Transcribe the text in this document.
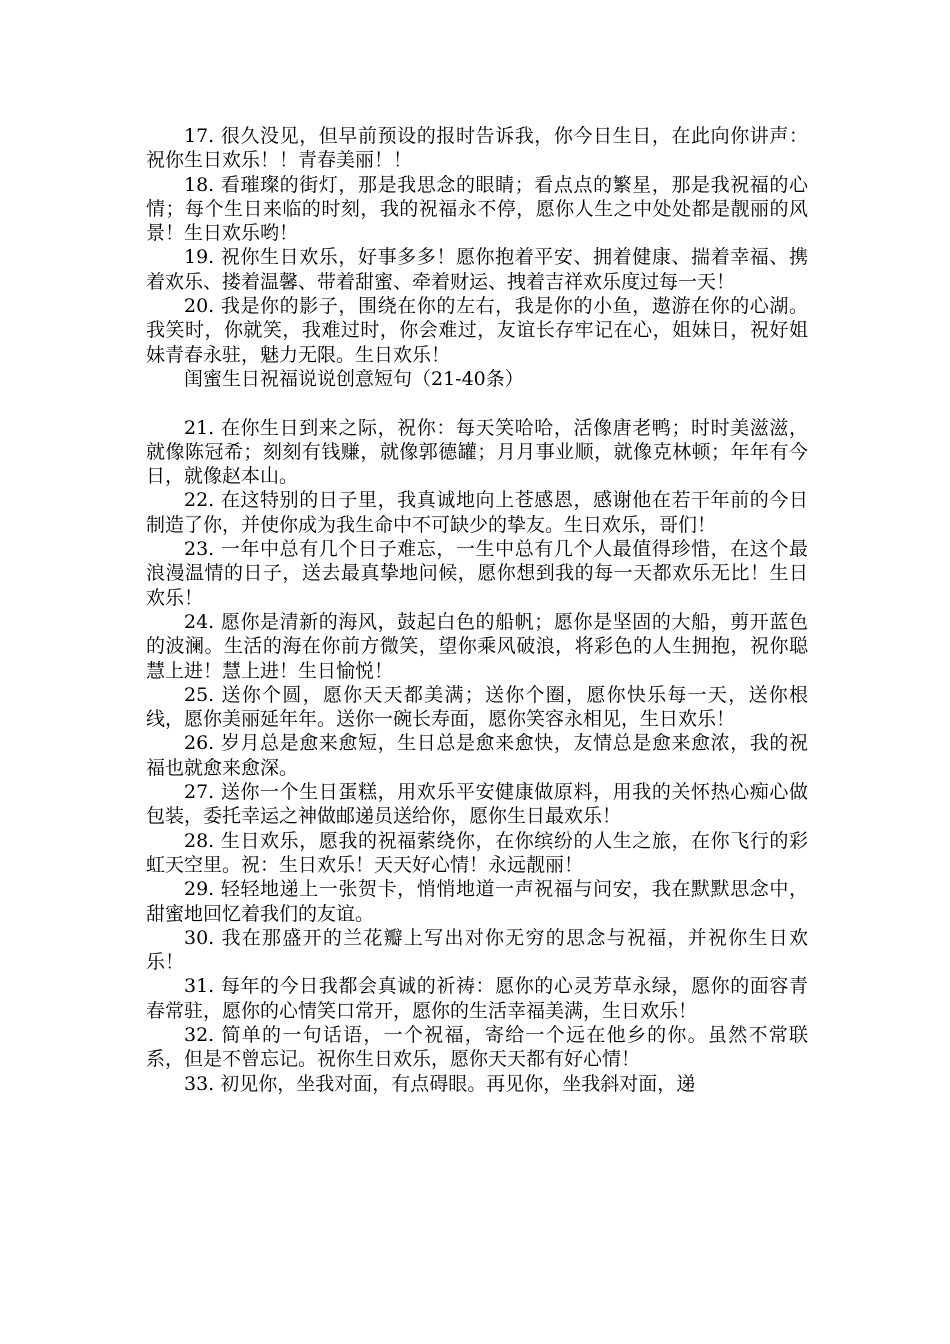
17. 很久没见，但早前预设的报时告诉我，你今日生日，在此向你讲声：祝你生日欢乐！！青春美丽！！

18. 看璀璨的街灯，那是我思念的眼睛；看点点的繁星，那是我祝福的心情；每个生日来临的时刻，我的祝福永不停，愿你人生之中处处都是靓丽的风景！生日欢乐哟！

19. 祝你生日欢乐，好事多多！愿你抱着平安、拥着健康、揣着幸福、携着欢乐、搂着温馨、带着甜蜜、牵着财运、拽着吉祥欢乐度过每一天！

20. 我是你的影子，围绕在你的左右，我是你的小鱼，遨游在你的心湖。我笑时，你就笑，我难过时，你会难过，友谊长存牢记在心，姐妹日，祝好姐妹青春永驻，魅力无限。生日欢乐！

闺蜜生日祝福说说创意短句（21-40条）

21. 在你生日到来之际，祝你：每天笑哈哈，活像唐老鸭；时时美滋滋，就像陈冠希；刻刻有钱赚，就像郭德罐；月月事业顺，就像克林顿；年年有今日，就像赵本山。

22. 在这特别的日子里，我真诚地向上苍感恩，感谢他在若干年前的今日制造了你，并使你成为我生命中不可缺少的挚友。生日欢乐，哥们！

23. 一年中总有几个日子难忘，一生中总有几个人最值得珍惜，在这个最浪漫温情的日子，送去最真挚地问候，愿你想到我的每一天都欢乐无比！生日欢乐！

24. 愿你是清新的海风，鼓起白色的船帆；愿你是坚固的大船，剪开蓝色的波澜。生活的海在你前方微笑，望你乘风破浪，将彩色的人生拥抱，祝你聪慧上进！慧上进！生日愉悦！

25. 送你个圆，愿你天天都美满；送你个圈，愿你快乐每一天，送你根线，愿你美丽延年年。送你一碗长寿面，愿你笑容永相见，生日欢乐！

26. 岁月总是愈来愈短，生日总是愈来愈快，友情总是愈来愈浓，我的祝福也就愈来愈深。

27. 送你一个生日蛋糕，用欢乐平安健康做原料，用我的关怀热心痴心做包装，委托幸运之神做邮递员送给你，愿你生日最欢乐！

28. 生日欢乐，愿我的祝福萦绕你，在你缤纷的人生之旅，在你飞行的彩虹天空里。祝：生日欢乐！天天好心情！永远靓丽！

29. 轻轻地递上一张贺卡，悄悄地道一声祝福与问安，我在默默思念中，甜蜜地回忆着我们的友谊。

30. 我在那盛开的兰花瓣上写出对你无穷的思念与祝福，并祝你生日欢乐！

31. 每年的今日我都会真诚的祈祷：愿你的心灵芳草永绿，愿你的面容青春常驻，愿你的心情笑口常开，愿你的生活幸福美满，生日欢乐！

32. 简单的一句话语，一个祝福，寄给一个远在他乡的你。虽然不常联系，但是不曾忘记。祝你生日欢乐，愿你天天都有好心情！

33. 初见你，坐我对面，有点碍眼。再见你，坐我斜对面，递
